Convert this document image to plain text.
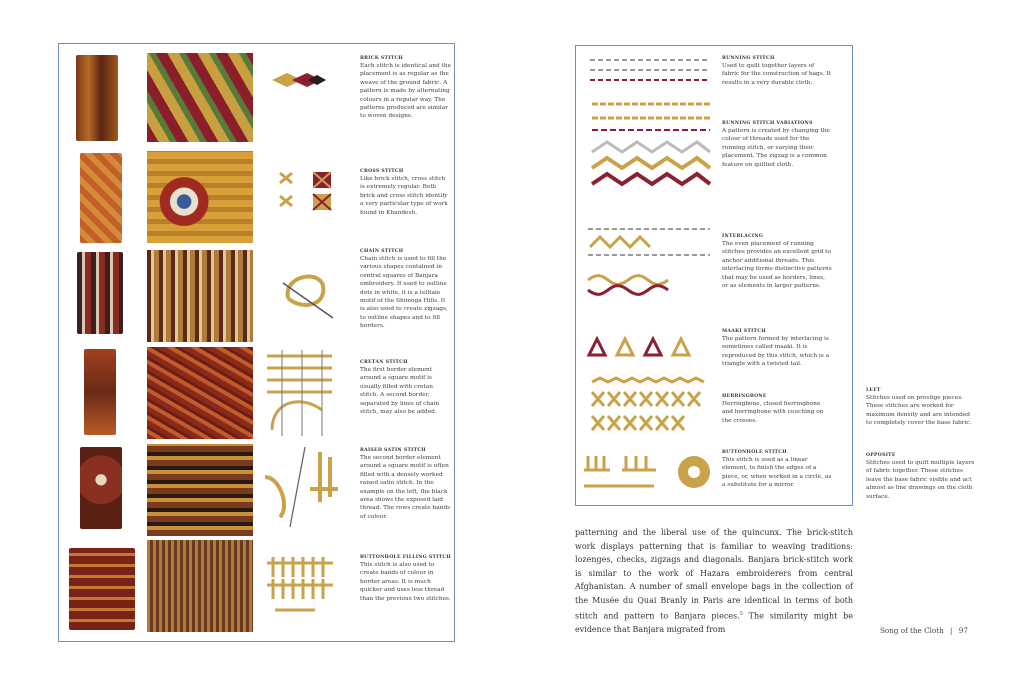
BRICK STITCH
Each stitch is identical and the placement is as regular as the weave of the ground fabric. A pattern is made by alternating colours in a regular way. The patterns produced are similar to woven designs.
CROSS STITCH
Like brick stitch, cross stitch is extremely regular. Both brick and cross stitch identify a very particular type of work found in Khandesh.
CHAIN STITCH
Chain stitch is used to fill the various shapes contained in central squares of Banjara embroidery. If used to outline dots in white, it is a telltale motif of the Shimoga Hills. It is also used to create zigzags, to outline shapes and to fill borders.
CRETAN STITCH
The first border element around a square motif is usually filled with cretan stitch. A second border, separated by lines of chain stitch, may also be added.
RAISED SATIN STITCH
The second border element around a square motif is often filled with a densely worked raised satin stitch. In the example on the left, the black area shows the exposed laid thread. The rows create bands of colour.
BUTTONHOLE FILLING STITCH
This stitch is also used to create bands of colour in border areas. It is much quicker and uses less thread than the previous two stitches.
RUNNING STITCH
Used to quilt together layers of fabric for the construction of bags. It results in a very durable cloth.
RUNNING STITCH VARIATIONS
A pattern is created by changing the colour of threads used for the running stitch, or varying their placement. The zigzag is a common feature on quilted cloth.
INTERLACING
The even placement of running stitches provides an excellent grid to anchor additional threads. This interlacing forms distinctive patterns that may be used as borders, lines, or as elements in larger patterns.
MAAKI STITCH
The pattern formed by interlacing is sometimes called maaki. It is reproduced by this stitch, which is a triangle with a twisted tail.
HERRINGBONE
Herringbone, closed herringbone and herringbone with couching on the crosses.
BUTTONHOLE STITCH
This stitch is used as a linear element, to finish the edges of a piece, or, when worked in a circle, as a substitute for a mirror.
LEFT
Stitches used on prestige pieces. These stitches are worked for maximum density and are intended to completely cover the base fabric.
OPPOSITE
Stitches used to quilt multiple layers of fabric together. These stitches leave the base fabric visible and act almost as line drawings on the cloth surface.
patterning and the liberal use of the quincunx. The brick-stitch work displays patterning that is familiar to weaving traditions: lozenges, checks, zigzags and diagonals. Banjara brick-stitch work is similar to the work of Hazara embroiderers from central Afghanistan. A number of small envelope bags in the collection of the Musée du Quai Branly in Paris are identical in terms of both stitch and pattern to Banjara pieces.$^5$ The similarity might be evidence that Banjara migrated from	Song of the Cloth | 97
